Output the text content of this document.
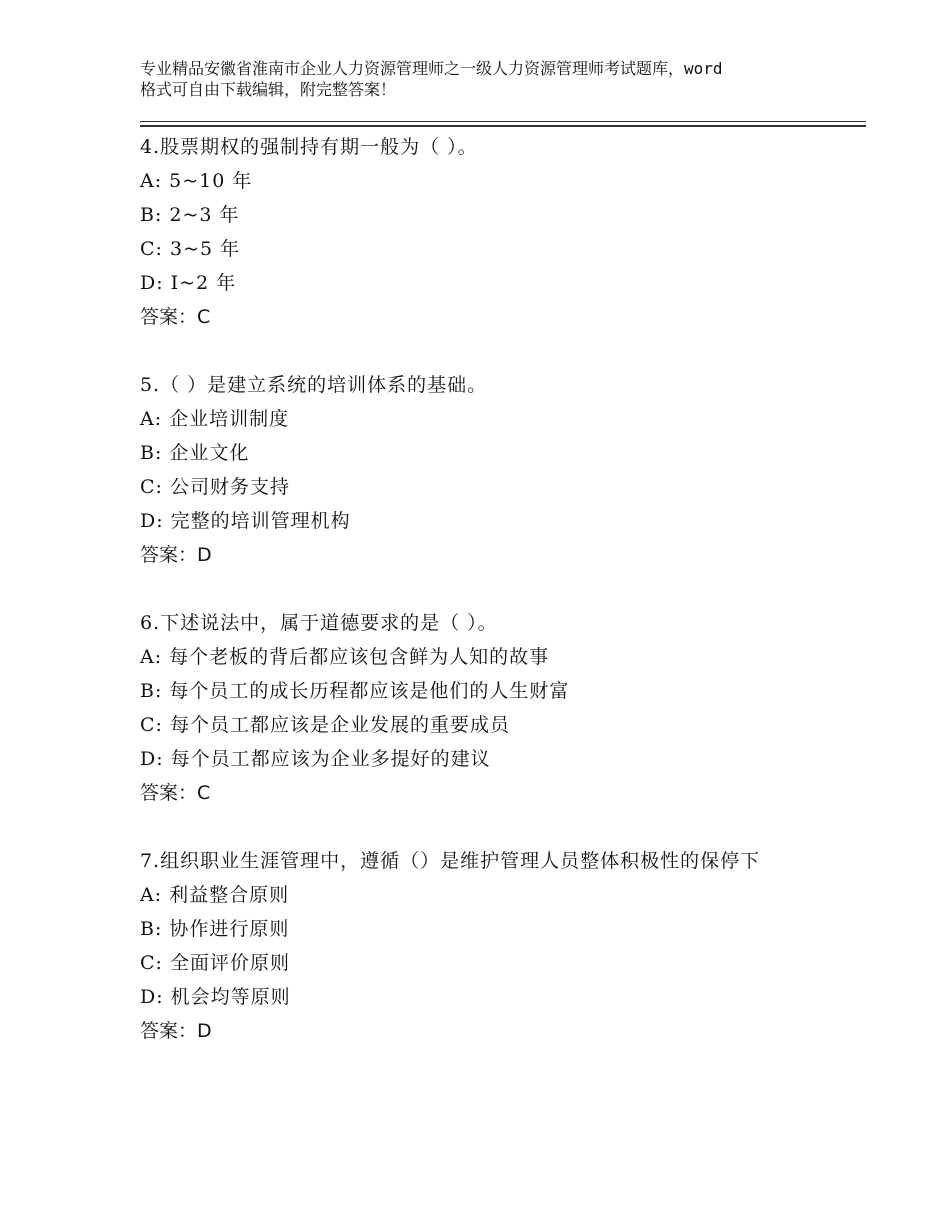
专业精品安徽省淮南市企业人力资源管理师之一级人力资源管理师考试题库，word
格式可自由下载编辑，附完整答案！
4.股票期权的强制持有期一般为（ ）。
A: 5~10 年
B: 2~3 年
C: 3~5 年
D: I~2 年
答案：C
5.（ ）是建立系统的培训体系的基础。
A: 企业培训制度
B: 企业文化
C: 公司财务支持
D: 完整的培训管理机构
答案：D
6.下述说法中，属于道德要求的是（ ）。
A: 每个老板的背后都应该包含鲜为人知的故事
B: 每个员工的成长历程都应该是他们的人生财富
C: 每个员工都应该是企业发展的重要成员
D: 每个员工都应该为企业多提好的建议
答案：C
7.组织职业生涯管理中，遵循（）是维护管理人员整体积极性的保停下
A: 利益整合原则
B: 协作进行原则
C: 全面评价原则
D: 机会均等原则
答案：D
